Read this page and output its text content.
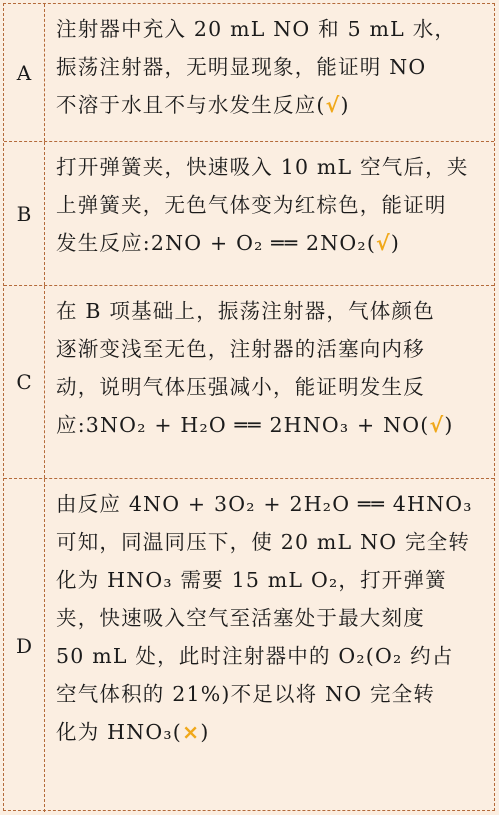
A
注射器中充入 20 mL NO 和 5 mL 水，
振荡注射器，无明显现象，能证明 NO
不溶于水且不与水发生反应(√)
B
打开弹簧夹，快速吸入 10 mL 空气后，夹
上弹簧夹，无色气体变为红棕色，能证明
发生反应:2NO + O₂ ══ 2NO₂(√)
C
在 B 项基础上，振荡注射器，气体颜色
逐渐变浅至无色，注射器的活塞向内移
动，说明气体压强减小，能证明发生反
应:3NO₂ + H₂O ══ 2HNO₃ + NO(√)
D
由反应 4NO + 3O₂ + 2H₂O ══ 4HNO₃
可知，同温同压下，使 20 mL NO 完全转
化为 HNO₃ 需要 15 mL O₂，打开弹簧
夹，快速吸入空气至活塞处于最大刻度
50 mL 处，此时注射器中的 O₂(O₂ 约占
空气体积的 21%)不足以将 NO 完全转
化为 HNO₃(×)
